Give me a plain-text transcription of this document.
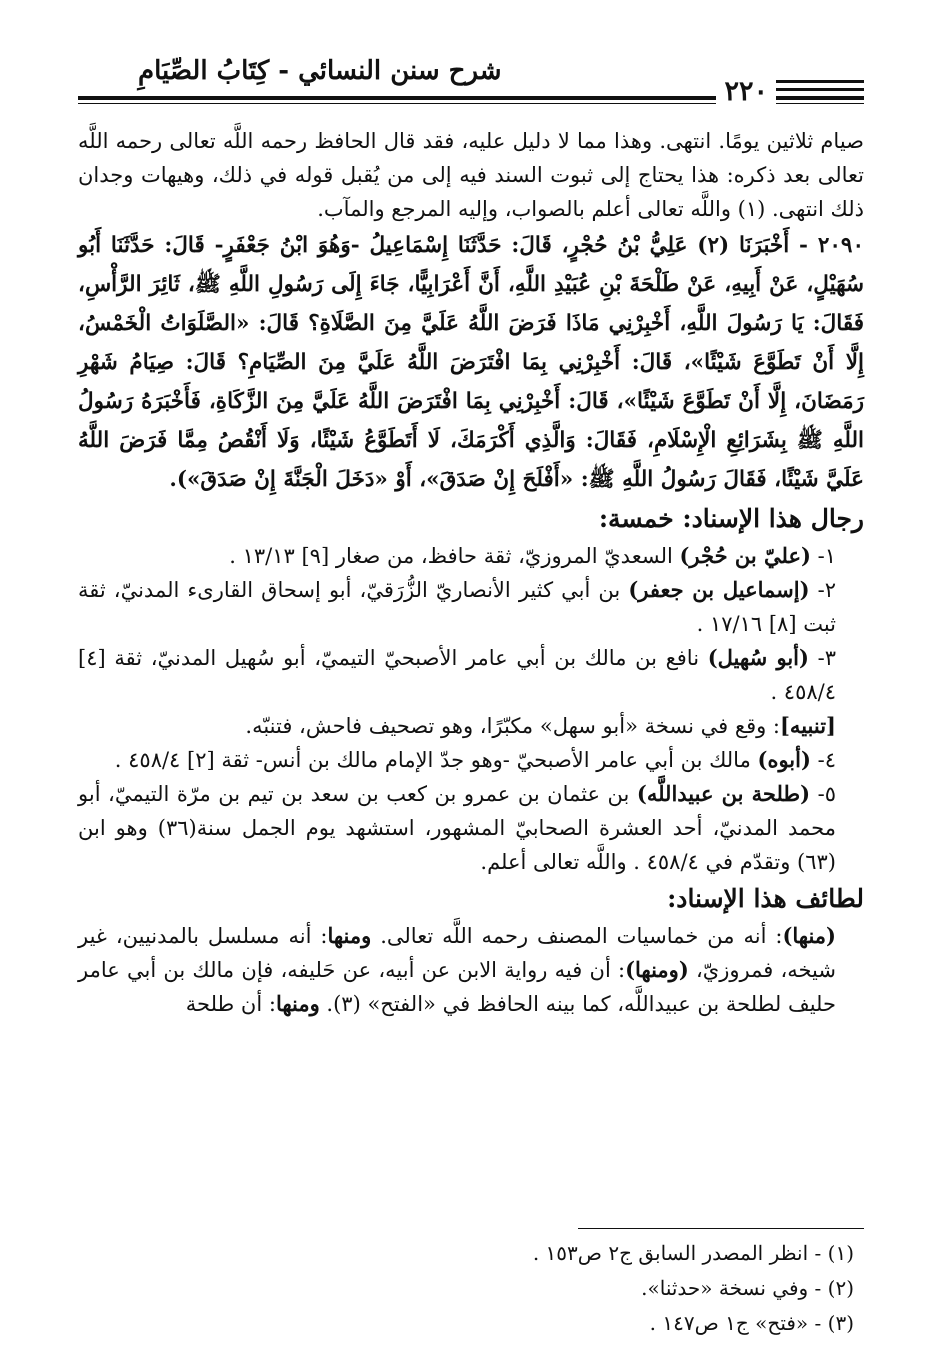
شرح سنن النسائي - كِتَابُ الصِّيَامِ
٢٢٠

صيام ثلاثين يومًا. انتهى. وهذا مما لا دليل عليه، فقد قال الحافظ رحمه اللَّه تعالى رحمه اللَّه تعالى بعد ذكره: هذا يحتاج إلى ثبوت السند فيه إلى من يُقبل قوله في ذلك، وهيهات وجدان ذلك انتهى. (١) واللَّه تعالى أعلم بالصواب، وإليه المرجع والمآب.

٢٠٩٠ - أَخْبَرَنَا (٢) عَلِيُّ بْنُ حُجْرٍ، قَالَ: حَدَّثَنَا إِسْمَاعِيلُ -وَهُوَ ابْنُ جَعْفَرٍ- قَالَ: حَدَّثَنَا أَبُو سُهَيْلٍ، عَنْ أَبِيهِ، عَنْ طَلْحَةَ بْنِ عُبَيْدِ اللَّهِ، أَنَّ أَعْرَابِيًّا، جَاءَ إِلَى رَسُولِ اللَّهِ ﷺ، ثَائِرَ الرَّأْسِ، فَقَالَ: يَا رَسُولَ اللَّهِ، أَخْبِرْنِي مَاذَا فَرَضَ اللَّهُ عَلَيَّ مِنَ الصَّلَاةِ؟ قَالَ: «الصَّلَوَاتُ الْخَمْسُ، إِلَّا أَنْ تَطَوَّعَ شَيْئًا»، قَالَ: أَخْبِرْنِي بِمَا افْتَرَضَ اللَّهُ عَلَيَّ مِنَ الصِّيَامِ؟ قَالَ: صِيَامُ شَهْرِ رَمَضَانَ، إِلَّا أَنْ تَطَوَّعَ شَيْئًا»، قَالَ: أَخْبِرْنِي بِمَا افْتَرَضَ اللَّهُ عَلَيَّ مِنَ الزَّكَاةِ، فَأَخْبَرَهُ رَسُولُ اللَّهِ ﷺ بِشَرَائِعِ الْإِسْلَامِ، فَقَالَ: وَالَّذِي أَكْرَمَكَ، لَا أَتَطَوَّعُ شَيْئًا، وَلَا أَنْقُصُ مِمَّا فَرَضَ اللَّهُ عَلَيَّ شَيْئًا، فَقَالَ رَسُولُ اللَّهِ ﷺ: «أَفْلَحَ إِنْ صَدَقَ»، أَوْ «دَخَلَ الْجَنَّةَ إِنْ صَدَقَ»).

رجال هذا الإسناد: خمسة:

١- (عليّ بن حُجْر) السعديّ المروزيّ، ثقة حافظ، من صغار [٩] ١٣/١٣ .

٢- (إسماعيل بن جعفر) بن أبي كثير الأنصاريّ الزُّرَقيّ، أبو إسحاق القارىء المدنيّ، ثقة ثبت [٨] ١٧/١٦ .

٣- (أبو سُهيل) نافع بن مالك بن أبي عامر الأصبحيّ التيميّ، أبو سُهيل المدنيّ، ثقة [٤] ٤٥٨/٤ .

[تنبيه]: وقع في نسخة «أبو سهل» مكبّرًا، وهو تصحيف فاحش، فتنبّه.

٤- (أبوه) مالك بن أبي عامر الأصبحيّ -وهو جدّ الإمام مالك بن أنس- ثقة [٢] ٤٥٨/٤ .

٥- (طلحة بن عبيداللَّه) بن عثمان بن عمرو بن كعب بن سعد بن تيم بن مرّة التيميّ، أبو محمد المدنيّ، أحد العشرة الصحابيّ المشهور، استشهد يوم الجمل سنة(٣٦) وهو ابن (٦٣) وتقدّم في ٤٥٨/٤ . واللَّه تعالى أعلم.

لطائف هذا الإسناد:

(منها): أنه من خماسيات المصنف رحمه اللَّه تعالى. ومنها: أنه مسلسل بالمدنيين، غير شيخه، فمروزيّ، (ومنها): أن فيه رواية الابن عن أبيه، عن حَليفه، فإن مالك بن أبي عامر حليف لطلحة بن عبيداللَّه، كما بينه الحافظ في «الفتح» (٣). ومنها: أن طلحة

(١) - انظر المصدر السابق ج٢ ص١٥٣ .
(٢) - وفي نسخة «حدثنا».
(٣) - «فتح» ج١ ص١٤٧ .
